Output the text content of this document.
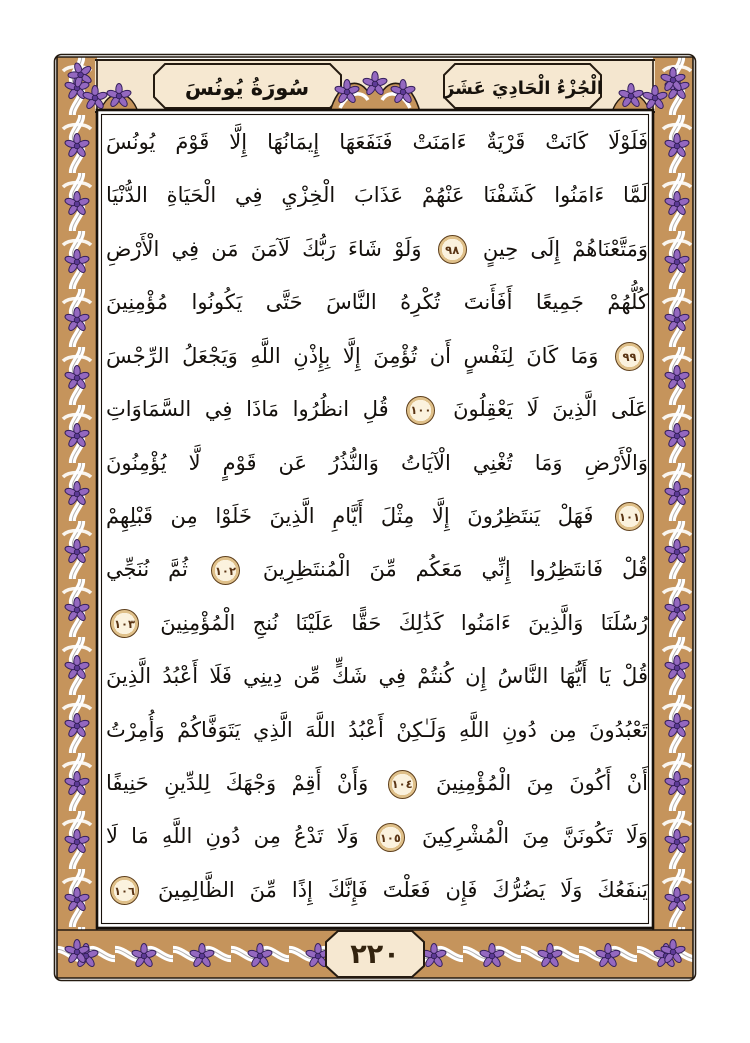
سُورَةُ يُونُسَ	الْجُزْءُ الْحَادِيَ عَشَرَ
فَلَوْلَا كَانَتْ قَرْيَةٌ ءَامَنَتْ فَنَفَعَهَا إِيمَانُهَا إِلَّا قَوْمَ يُونُسَ
لَمَّا ءَامَنُوا كَشَفْنَا عَنْهُمْ عَذَابَ الْخِزْيِ فِي الْحَيَاةِ الدُّنْيَا
وَمَتَّعْنَاهُمْ إِلَى حِينٍ
٩٨
وَلَوْ شَاءَ رَبُّكَ لَآمَنَ مَن فِي الْأَرْضِ
كُلُّهُمْ جَمِيعًا أَفَأَنتَ تُكْرِهُ النَّاسَ حَتَّى يَكُونُوا مُؤْمِنِينَ
٩٩
وَمَا كَانَ لِنَفْسٍ أَن تُؤْمِنَ إِلَّا بِإِذْنِ اللَّهِ وَيَجْعَلُ الرِّجْسَ
عَلَى الَّذِينَ لَا يَعْقِلُونَ
١٠٠
قُلِ انظُرُوا مَاذَا فِي السَّمَاوَاتِ
وَالْأَرْضِ وَمَا تُغْنِي الْآيَاتُ وَالنُّذُرُ عَن قَوْمٍ لَّا يُؤْمِنُونَ
١٠١
فَهَلْ يَنتَظِرُونَ إِلَّا مِثْلَ أَيَّامِ الَّذِينَ خَلَوْا مِن قَبْلِهِمْ
قُلْ فَانتَظِرُوا إِنِّي مَعَكُم مِّنَ الْمُنتَظِرِينَ
١٠٢
ثُمَّ نُنَجِّي
رُسُلَنَا وَالَّذِينَ ءَامَنُوا كَذَٰلِكَ حَقًّا عَلَيْنَا نُنجِ الْمُؤْمِنِينَ
١٠٣
قُلْ يَا أَيُّهَا النَّاسُ إِن كُنتُمْ فِي شَكٍّ مِّن دِينِي فَلَا أَعْبُدُ الَّذِينَ
تَعْبُدُونَ مِن دُونِ اللَّهِ وَلَـٰكِنْ أَعْبُدُ اللَّهَ الَّذِي يَتَوَفَّاكُمْ وَأُمِرْتُ
أَنْ أَكُونَ مِنَ الْمُؤْمِنِينَ
١٠٤
وَأَنْ أَقِمْ وَجْهَكَ لِلدِّينِ حَنِيفًا
وَلَا تَكُونَنَّ مِنَ الْمُشْرِكِينَ
١٠٥
وَلَا تَدْعُ مِن دُونِ اللَّهِ مَا لَا
يَنفَعُكَ وَلَا يَضُرُّكَ فَإِن فَعَلْتَ فَإِنَّكَ إِذًا مِّنَ الظَّالِمِينَ
١٠٦
٢٢٠
